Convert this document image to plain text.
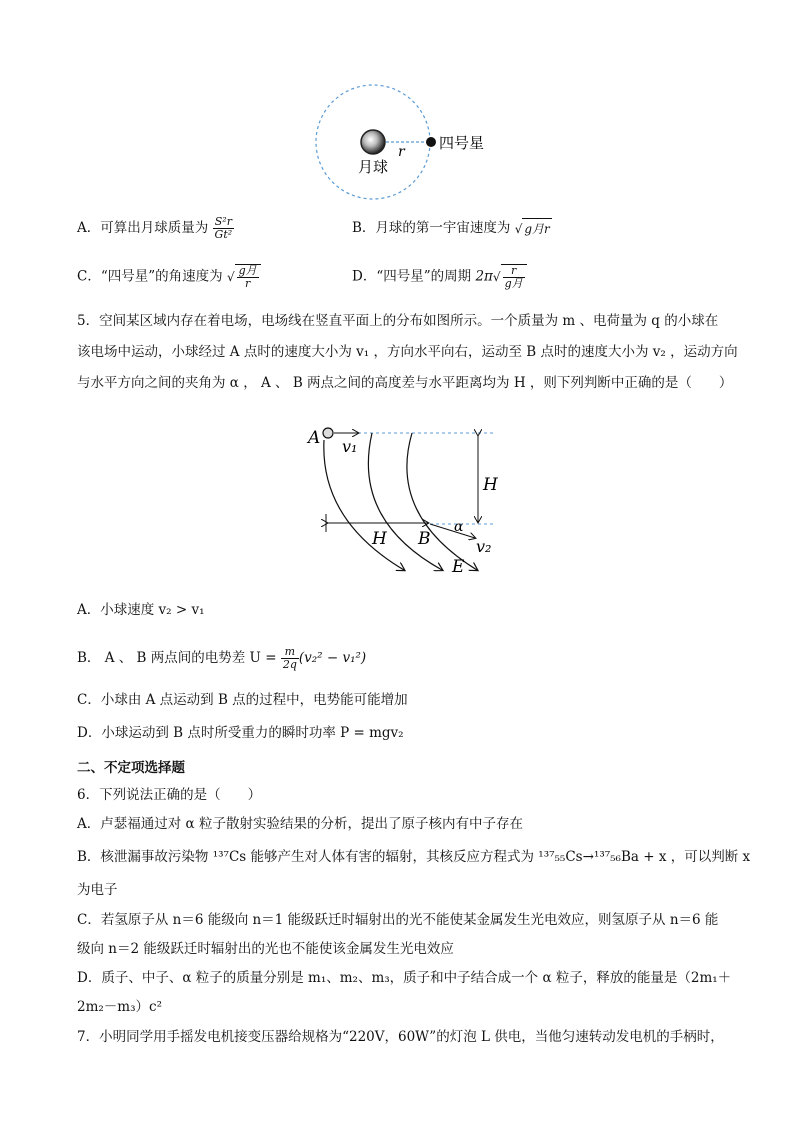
月球
r 四号星
A．可算出月球质量为 $\frac{\text{S²r}}{\text{Gt²}}$	B．月球的第一宇宙速度为 √ g月r
C．“四号星”的角速度为 √ $\frac{\text{g月}}{r}$	D．“四号星”的周期 $2\pi√ \frac{r}{\text{g月}}$
5．空间某区域内存在着电场，电场线在竖直平面上的分布如图所示。一个质量为 m 、电荷量为 q 的小球在
该电场中运动，小球经过 A 点时的速度大小为 v₁ ，方向水平向右，运动至 B 点时的速度大小为 v₂ ，运动方向
与水平方向之间的夹角为 α ， A 、 B 两点之间的高度差与水平距离均为 H ，则下列判断中正确的是（　　）
A v₁
H
H B
α
v₂
E
A．小球速度 v₂ > v₁
B． A 、 B 两点间的电势差 $U = \frac{m}{2q} (v_2^2 - v_1^2)$
C．小球由 A 点运动到 B 点的过程中，电势能可能增加
D．小球运动到 B 点时所受重力的瞬时功率 P = mgv₂
二、不定项选择题
6．下列说法正确的是（　　）
A．卢瑟福通过对 α 粒子散射实验结果的分析，提出了原子核内有中子存在
B．核泄漏事故污染物 ¹³⁷Cs 能够产生对人体有害的辐射，其核反应方程式为 ¹³⁷₅₅Cs→¹³⁷₅₆Ba + x ，可以判断 x
为电子
C．若氢原子从 n＝6 能级向 n＝1 能级跃迁时辐射出的光不能使某金属发生光电效应，则氢原子从 n＝6 能
级向 n＝2 能级跃迁时辐射出的光也不能使该金属发生光电效应
D．质子、中子、α 粒子的质量分别是 m₁、m₂、m₃，质子和中子结合成一个 α 粒子，释放的能量是（2m₁＋
2m₂－m₃）c²
7．小明同学用手摇发电机接变压器给规格为“220V，60W”的灯泡 L 供电，当他匀速转动发电机的手柄时，
